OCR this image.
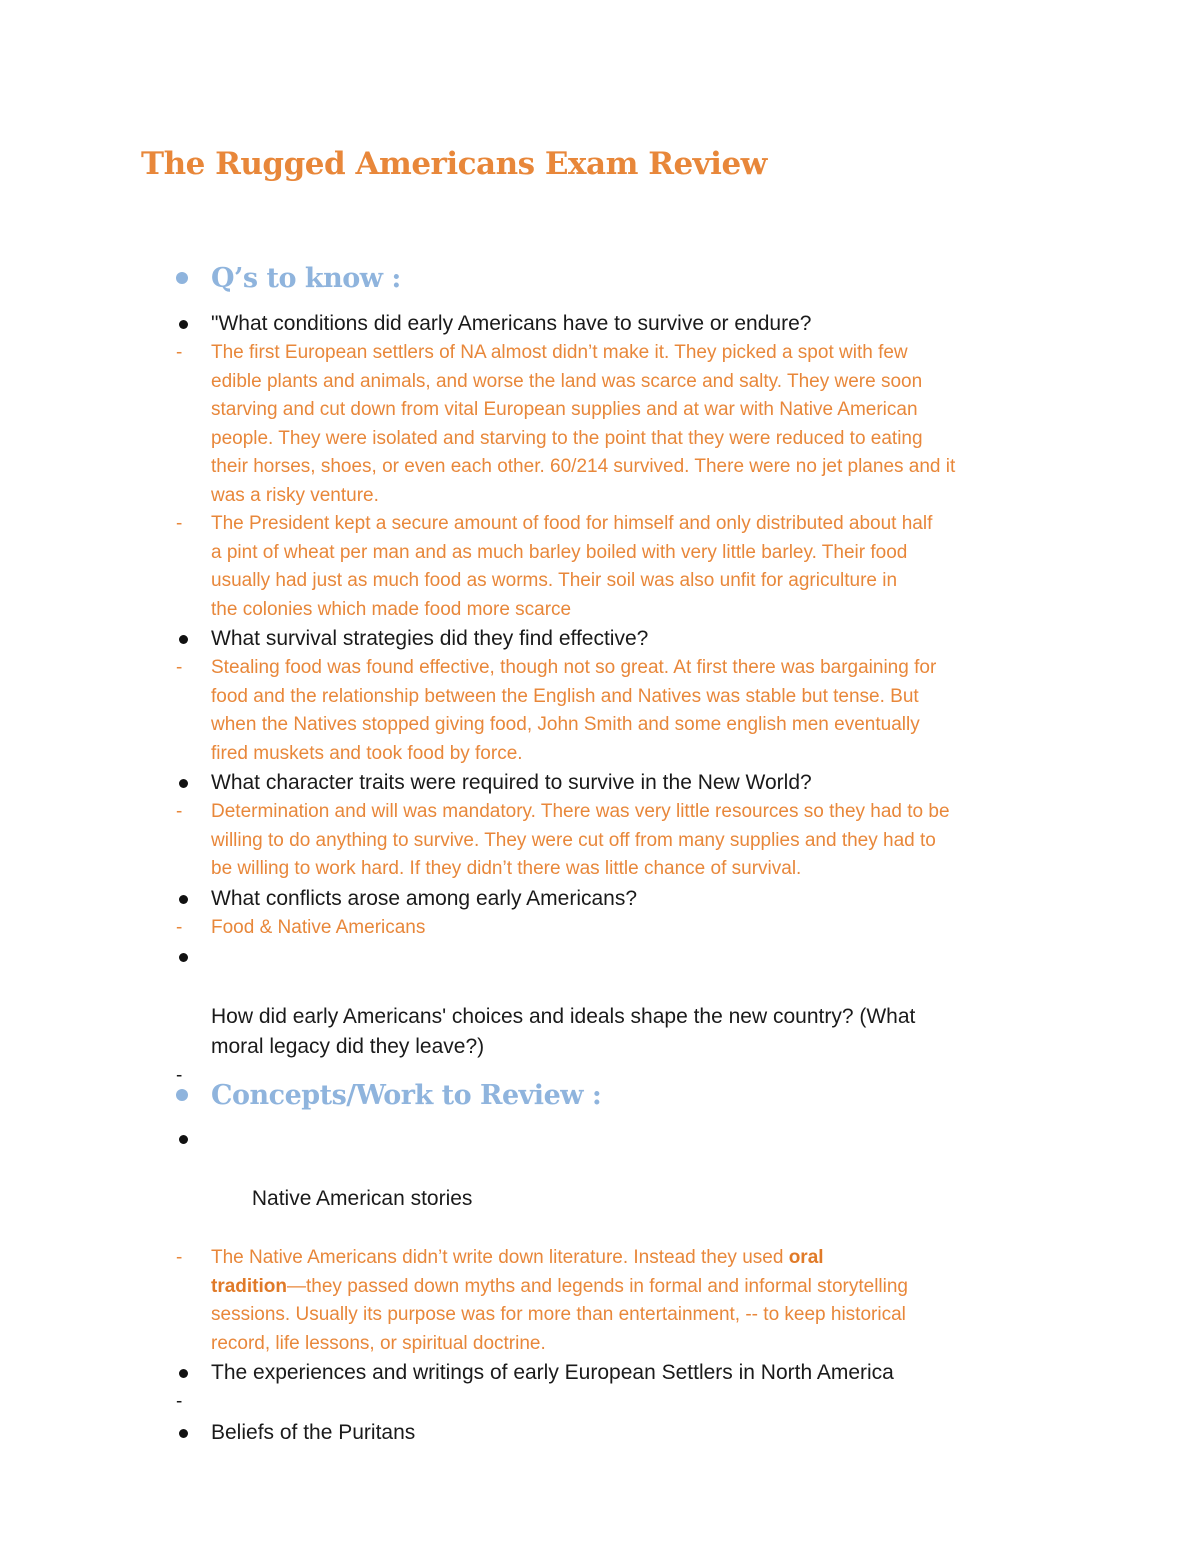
The Rugged Americans Exam Review
Q’s to know :
"What conditions did early Americans have to survive or endure?
- The first European settlers of NA almost didn’t make it. They picked a spot with few
edible plants and animals, and worse the land was scarce and salty. They were soon
starving and cut down from vital European supplies and at war with Native American
people. They were isolated and starving to the point that they were reduced to eating
their horses, shoes, or even each other. 60/214 survived. There were no jet planes and it
was a risky venture.
- The President kept a secure amount of food for himself and only distributed about half
a pint of wheat per man and as much barley boiled with very little barley. Their food
usually had just as much food as worms. Their soil was also unfit for agriculture in
the colonies which made food more scarce
What survival strategies did they find effective?
- Stealing food was found effective, though not so great. At first there was bargaining for
food and the relationship between the English and Natives was stable but tense. But
when the Natives stopped giving food, John Smith and some english men eventually
fired muskets and took food by force.
What character traits were required to survive in the New World?
- Determination and will was mandatory. There was very little resources so they had to be
willing to do anything to survive. They were cut off from many supplies and they had to
be willing to work hard. If they didn’t there was little chance of survival.
What conflicts arose among early Americans?
- Food & Native Americans

How did early Americans' choices and ideals shape the new country? (What
moral legacy did they leave?)

-
Concepts/Work to Review :

Native American stories

- The Native Americans didn’t write down literature. Instead they used oral
tradition—they passed down myths and legends in formal and informal storytelling
sessions. Usually its purpose was for more than entertainment, -- to keep historical
record, life lessons, or spiritual doctrine.
The experiences and writings of early European Settlers in North America
-
Beliefs of the Puritans
